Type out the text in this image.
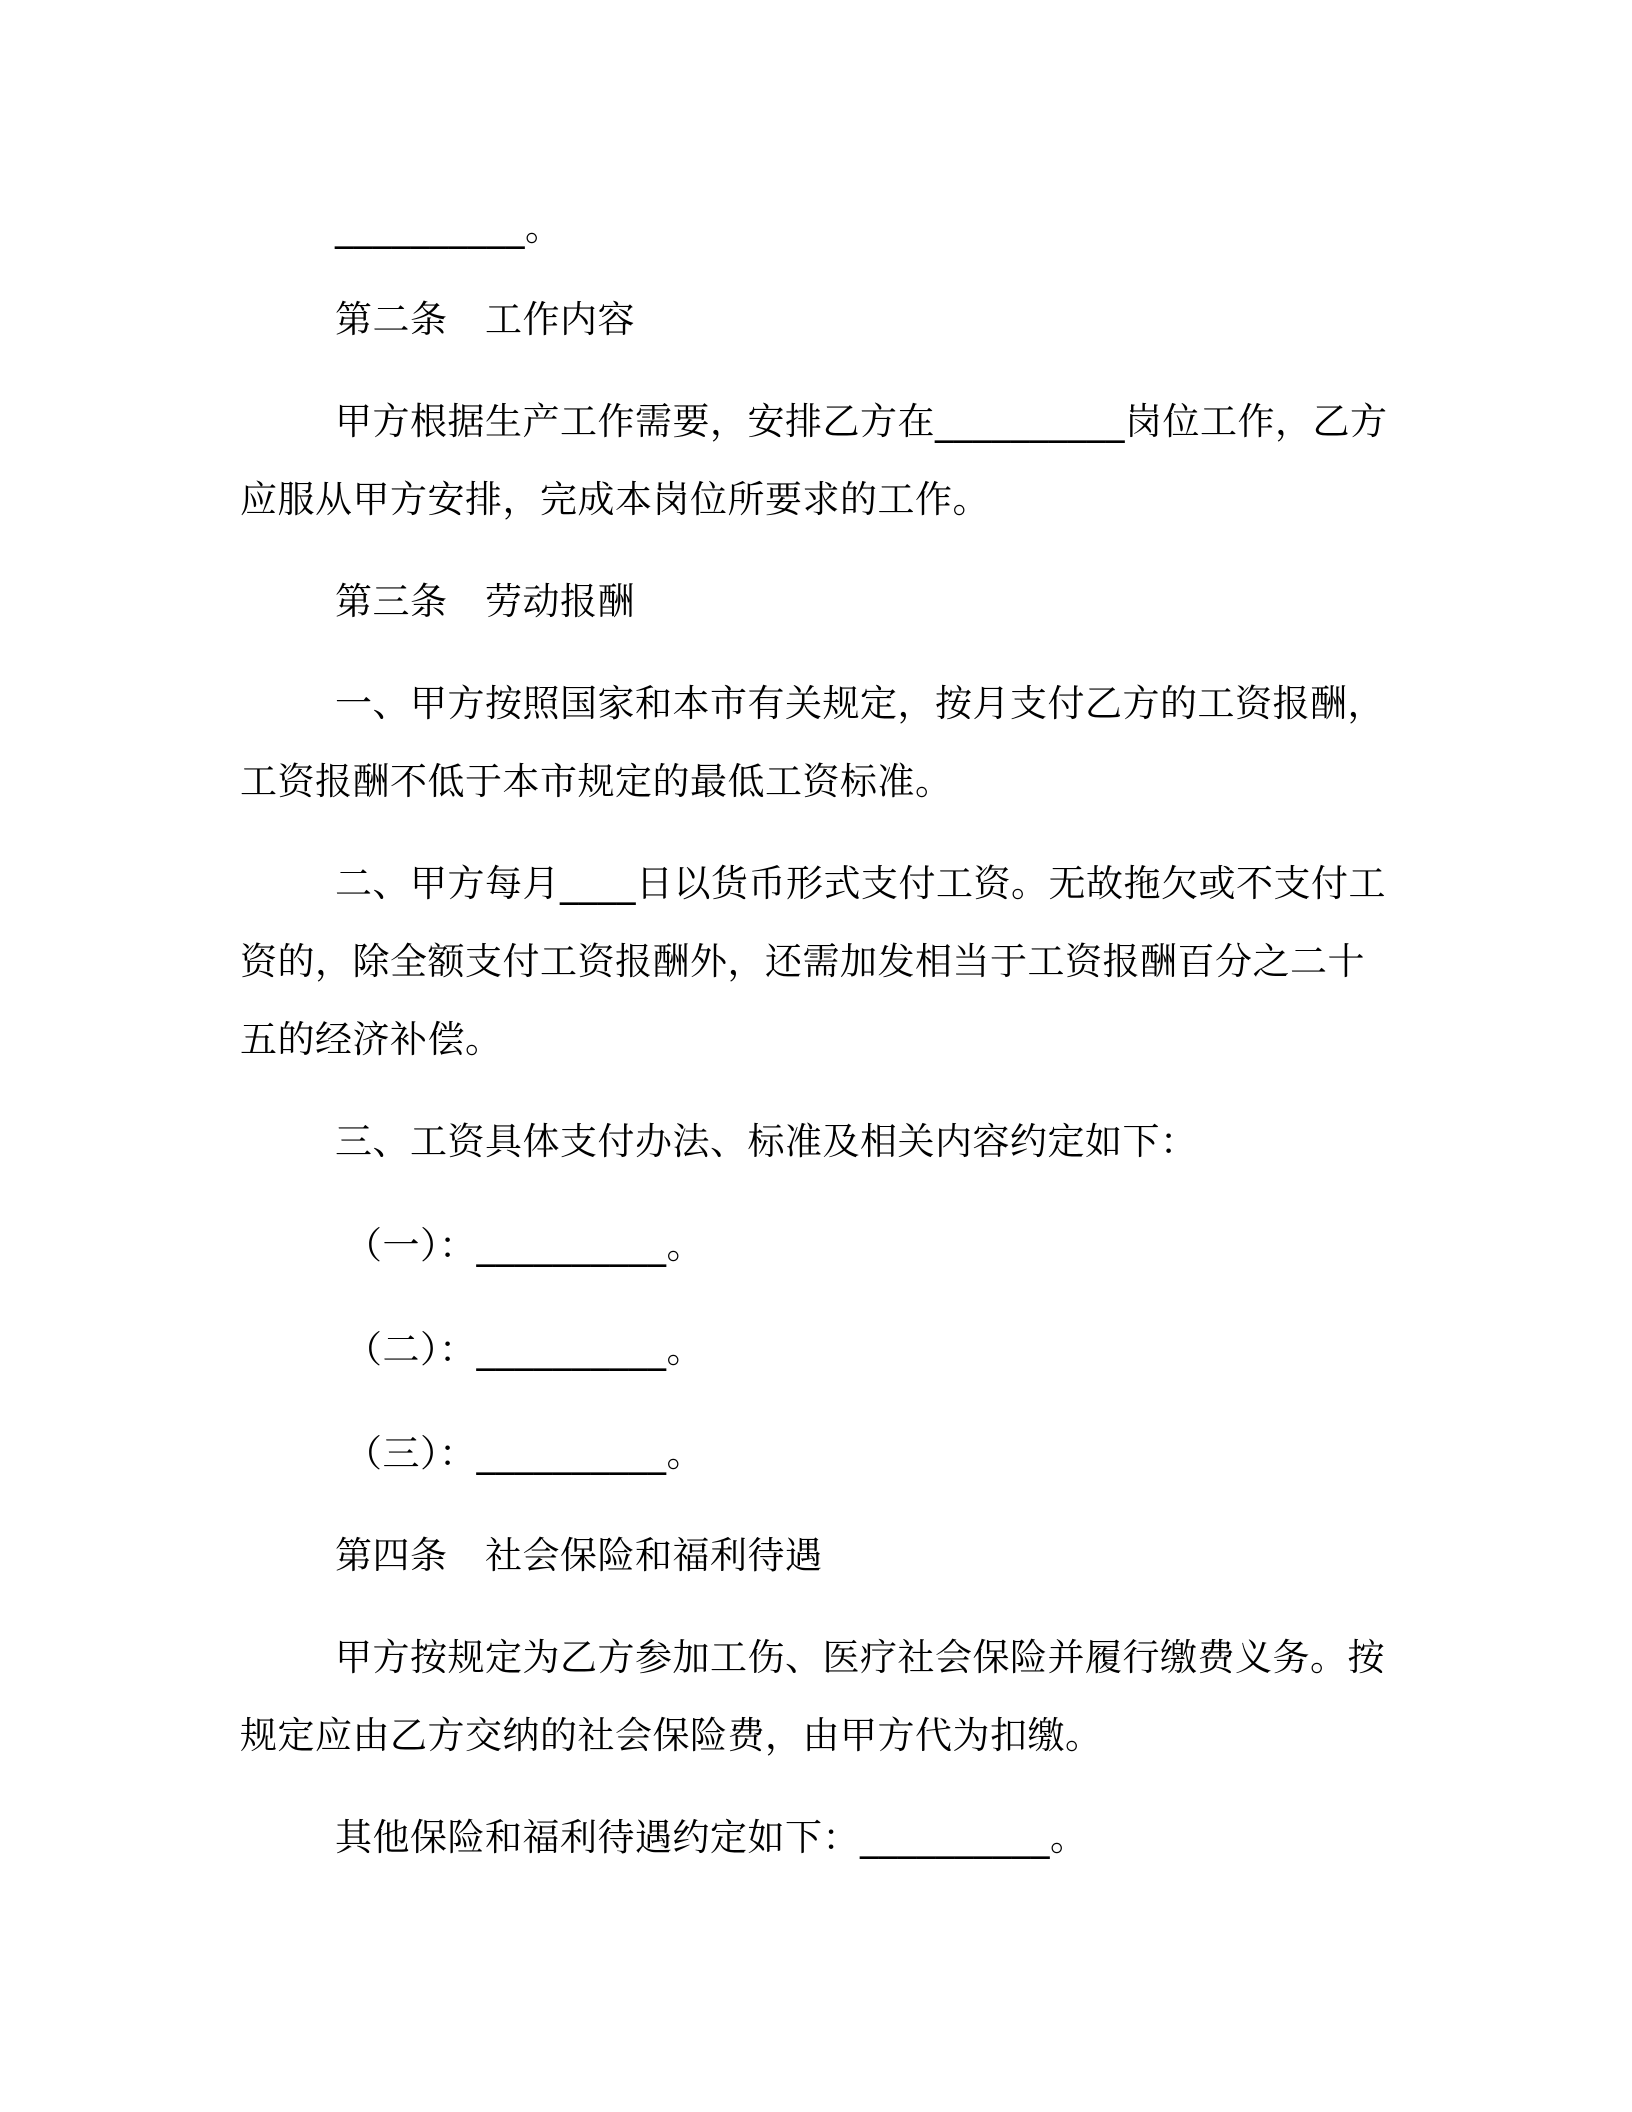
__________。
第二条　工作内容
甲方根据生产工作需要，安排乙方在__________岗位工作，乙方
应服从甲方安排，完成本岗位所要求的工作。
第三条　劳动报酬
一、甲方按照国家和本市有关规定，按月支付乙方的工资报酬，
工资报酬不低于本市规定的最低工资标准。
二、甲方每月____日以货币形式支付工资。无故拖欠或不支付工
资的，除全额支付工资报酬外，还需加发相当于工资报酬百分之二十
五的经济补偿。
三、工资具体支付办法、标准及相关内容约定如下：
（一）：__________。
（二）：__________。
（三）：__________。
第四条　社会保险和福利待遇
甲方按规定为乙方参加工伤、医疗社会保险并履行缴费义务。按
规定应由乙方交纳的社会保险费，由甲方代为扣缴。
其他保险和福利待遇约定如下：__________。
